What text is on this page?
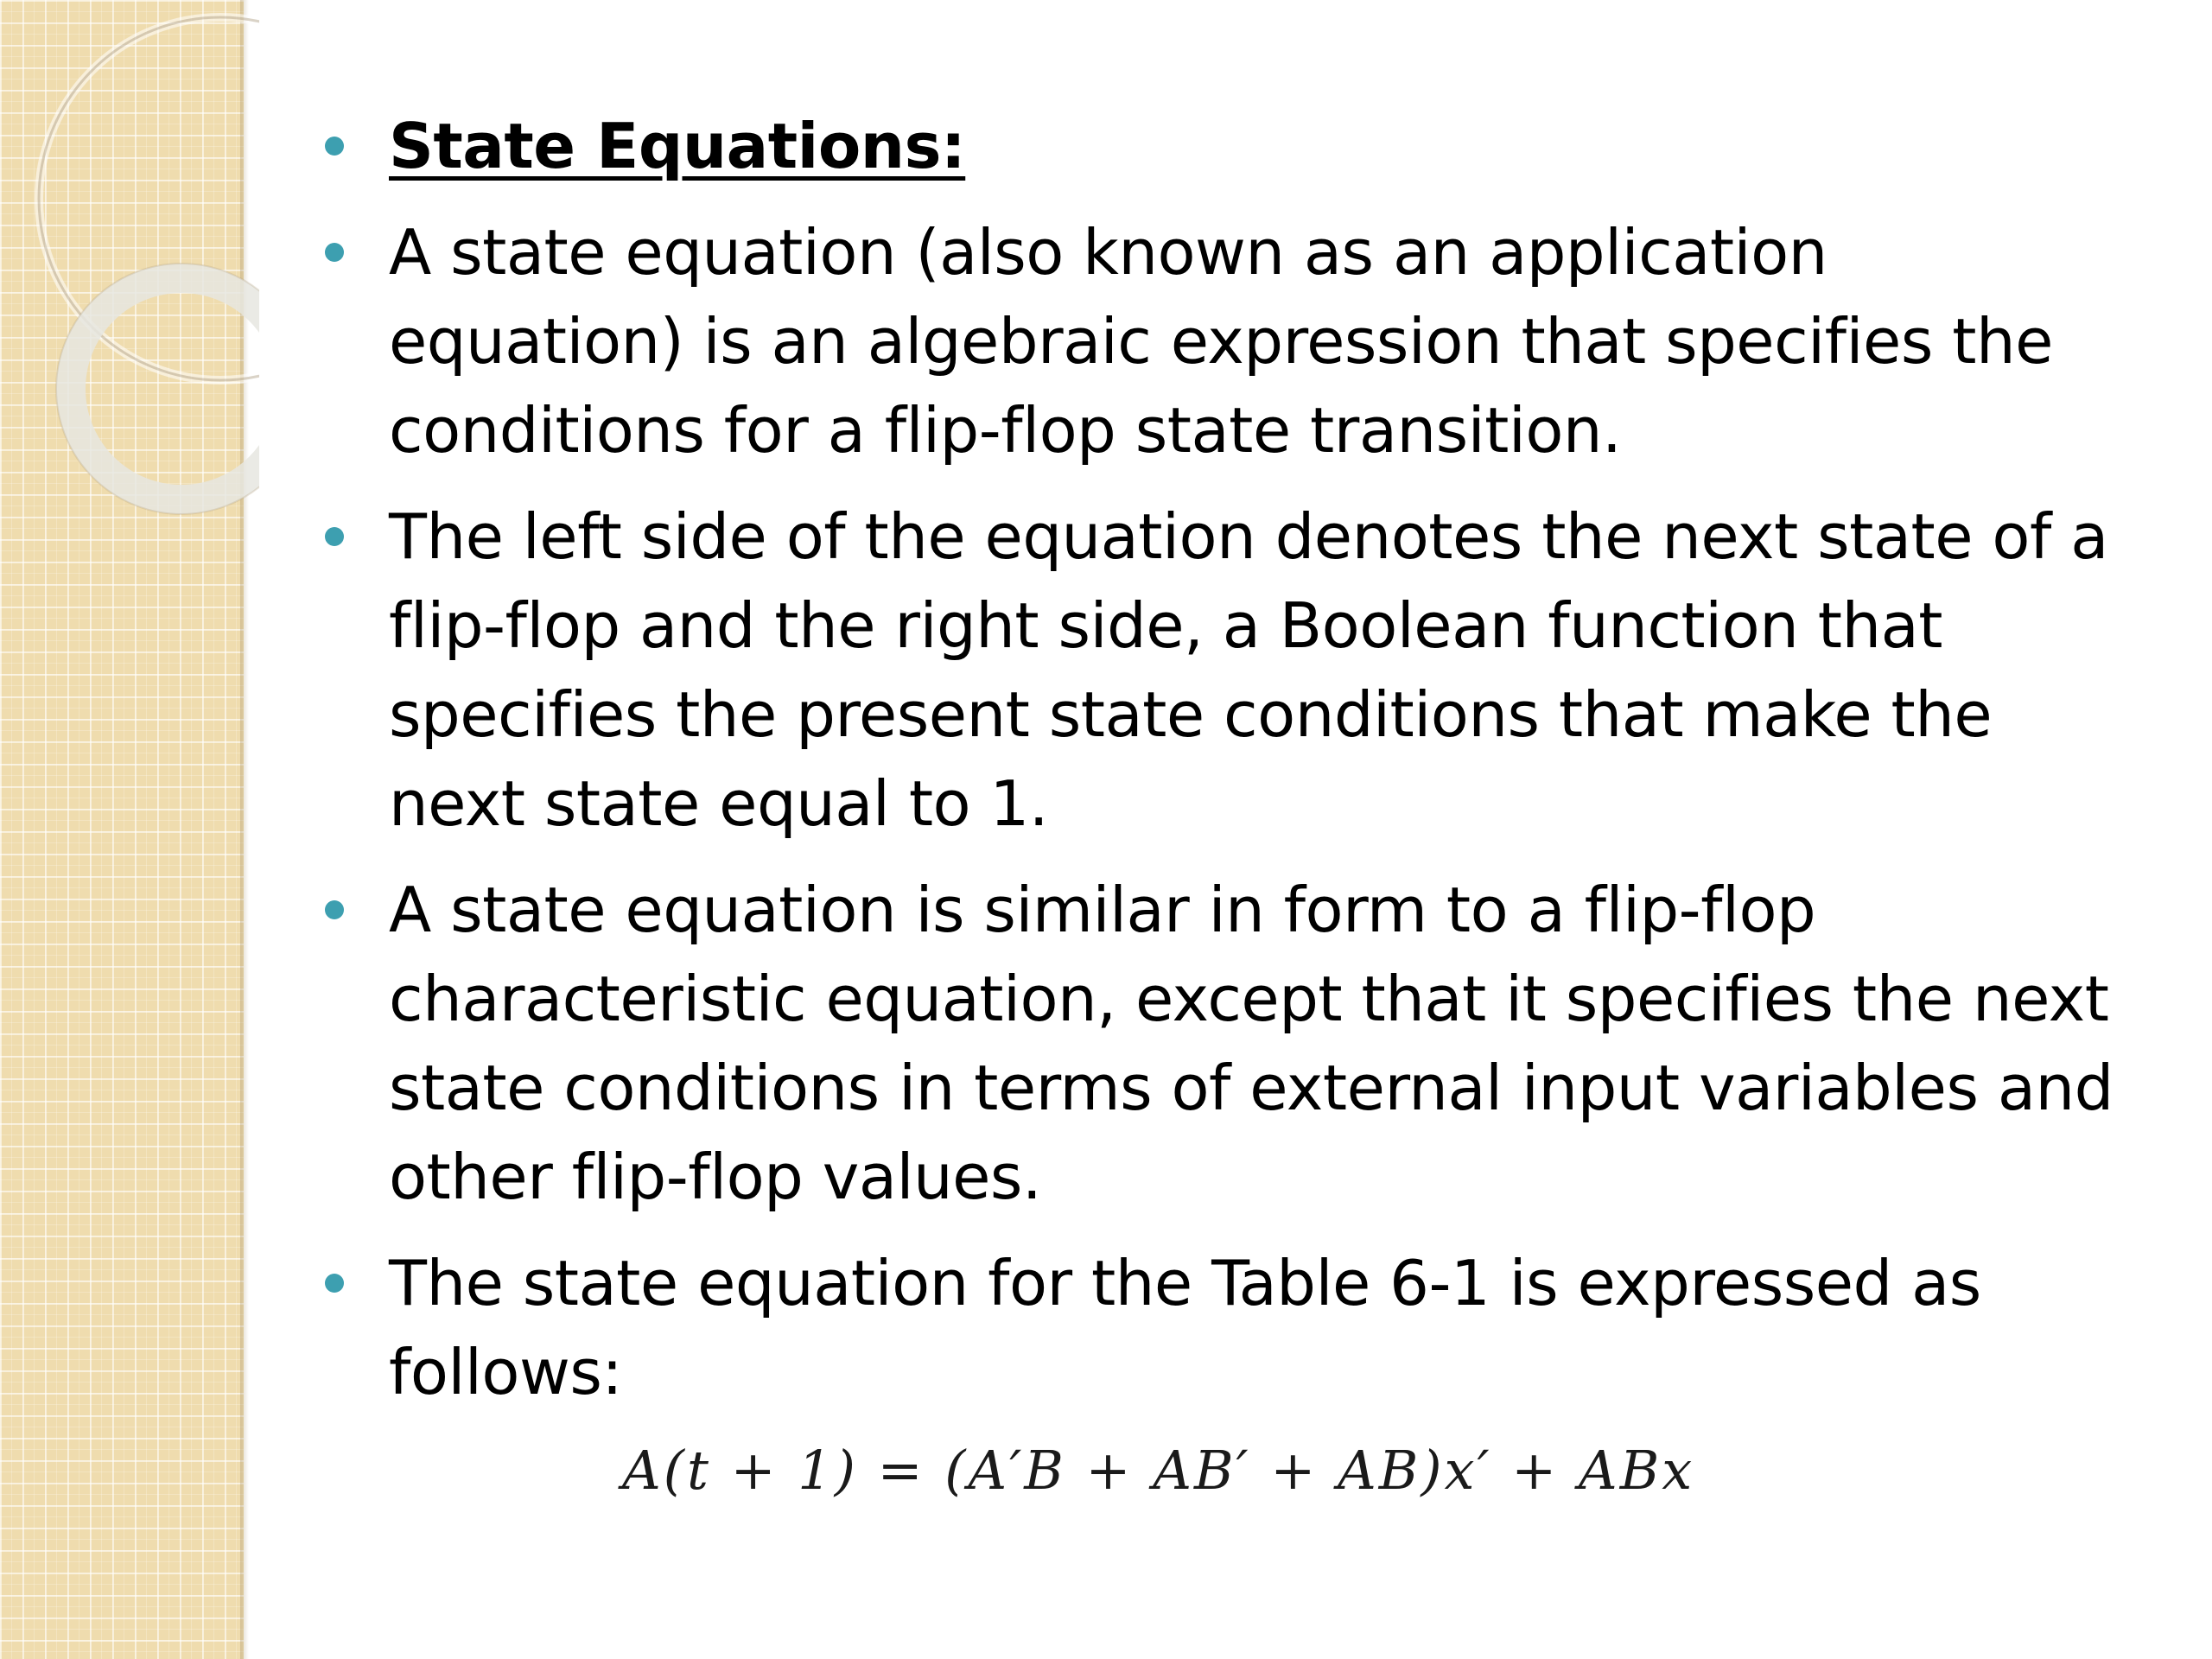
State Equations:
A state equation (also known as an application equation) is an algebraic expression that specifies the conditions for a flip-flop state transition.
The left side of the equation denotes the next state of a flip-flop and the right side, a Boolean function that specifies the present state conditions that make the next state equal to 1.
A state equation is similar in form to a flip-flop characteristic equation, except that it specifies the next state conditions in terms of external input variables and other flip-flop values.
The state equation for the Table 6-1 is expressed as follows:
A(t + 1) = (A′B + AB′ + AB)x′ + ABx
